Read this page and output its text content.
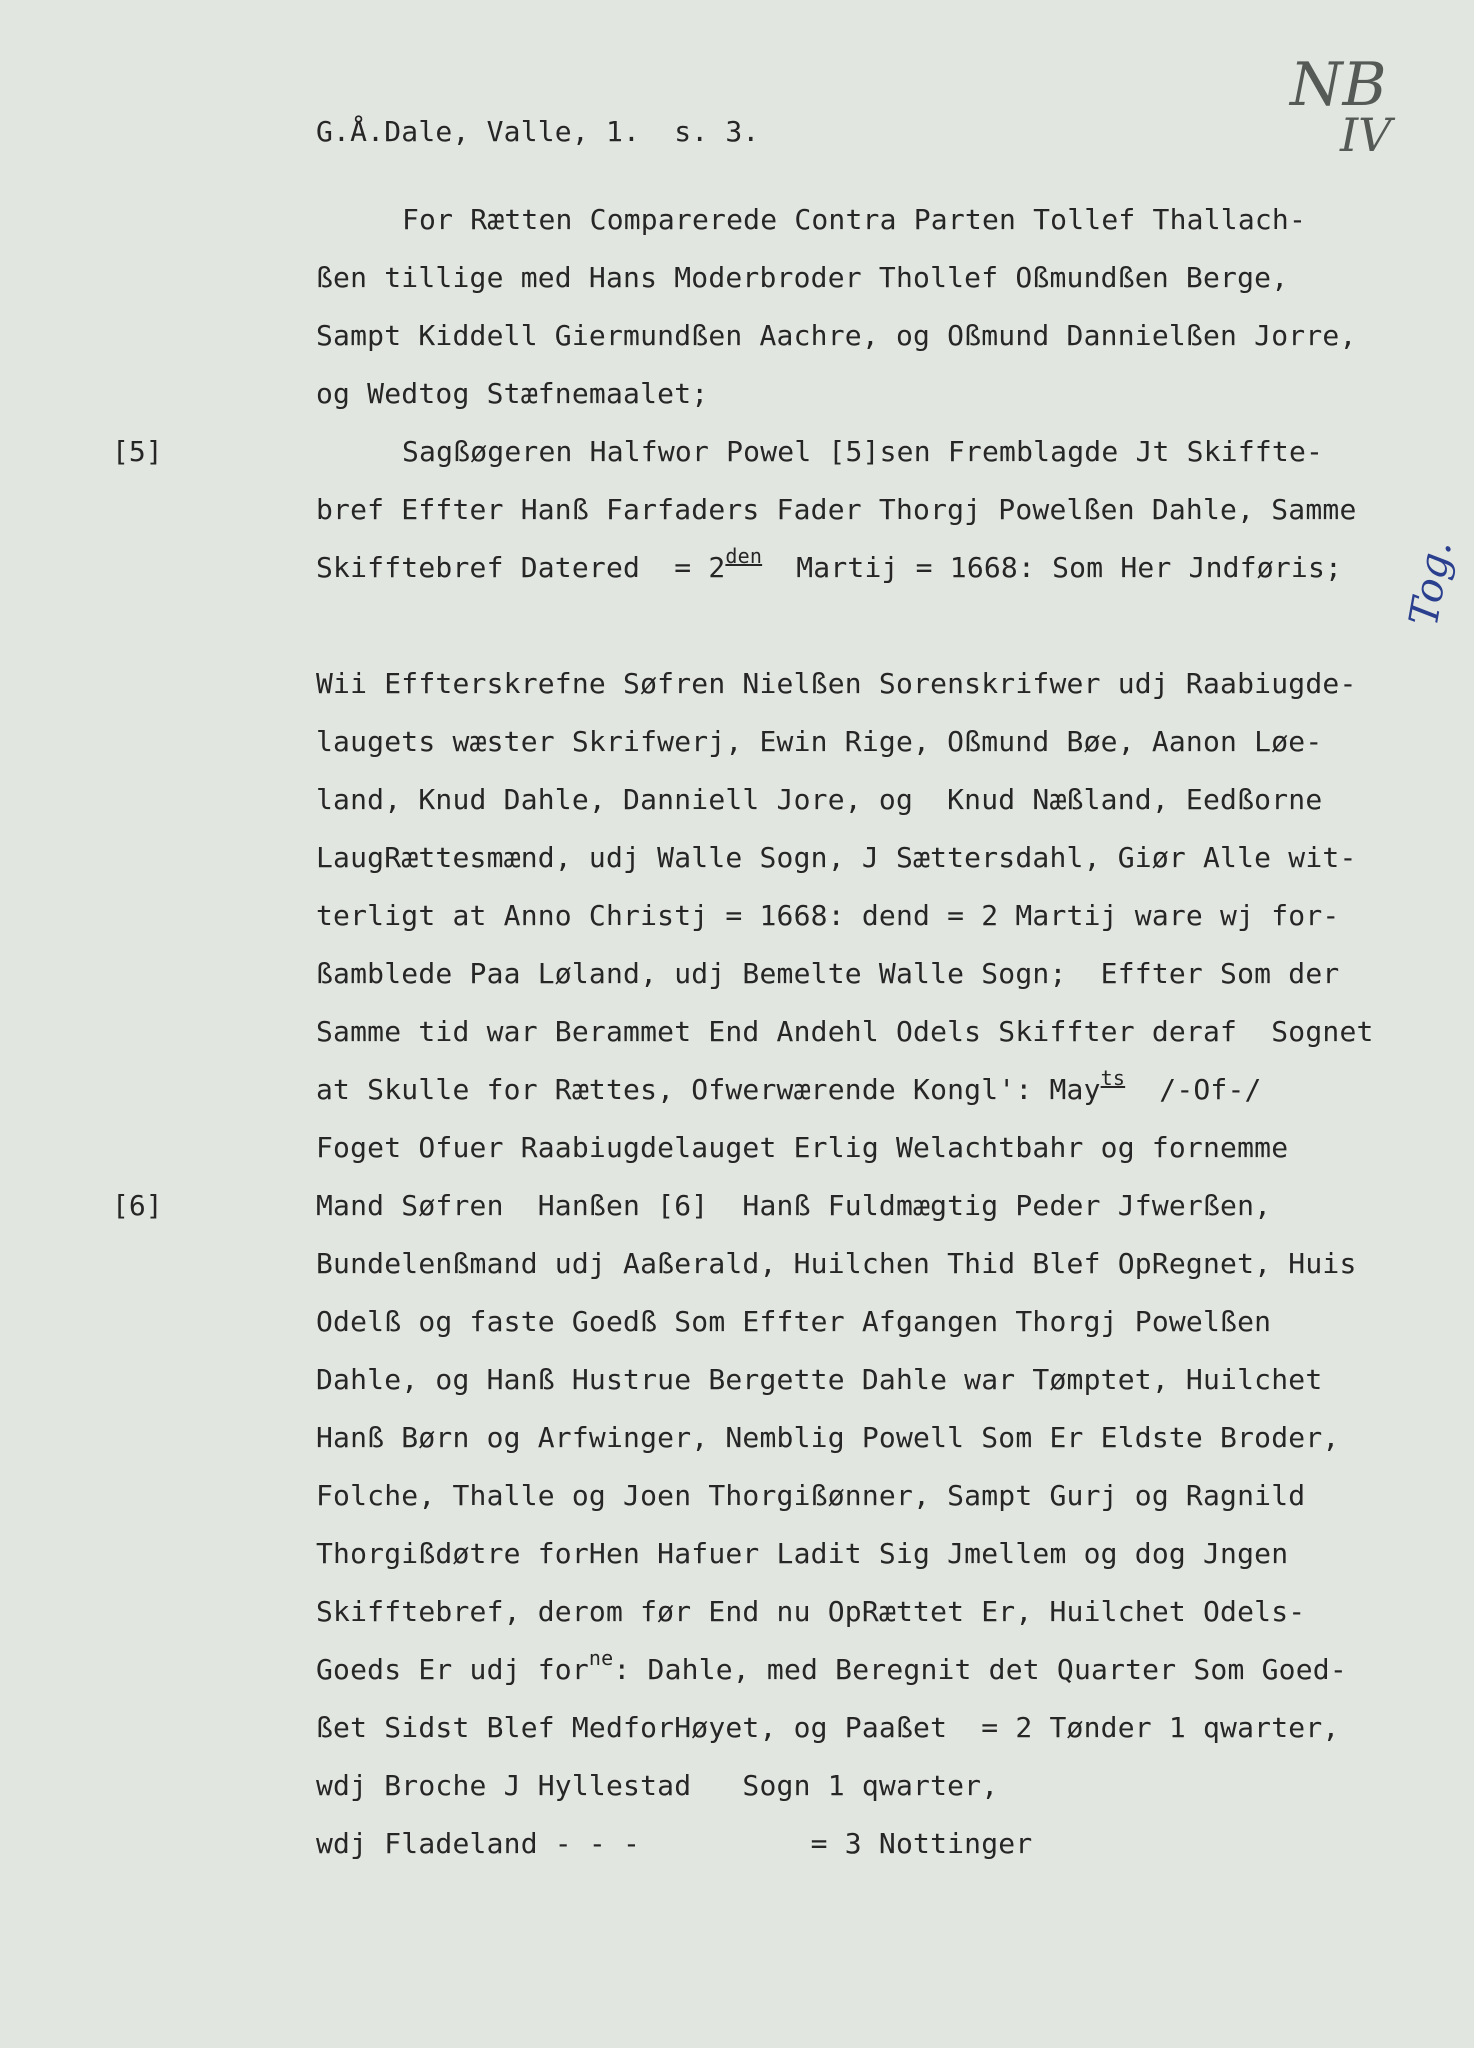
NB
IV
G.Å.Dale, Valle, 1.  s. 3.
For Rætten Comparerede Contra Parten Tollef Thallach-
ßen tillige med Hans Moderbroder Thollef Oßmundßen Berge,
Sampt Kiddell Giermundßen Aachre, og Oßmund Dannielßen Jorre,
og Wedtog Stæfnemaalet;
[5]	Sagßøgeren Halfwor Powel [5]sen Fremblagde Jt Skiffte-
bref Effter Hanß Farfaders Fader Thorgj Powelßen Dahle, Samme
Skifftebref Datered  = $2^{den}$  Martij = 1668: Som Her Jndføris; Tog.
Wii Effterskrefne Søfren Nielßen Sorenskrifwer udj Raabiugde-
laugets wæster Skrifwerj, Ewin Rige, Oßmund Bøe, Aanon Løe-
land, Knud Dahle, Danniell Jore, og  Knud Næßland, Eedßorne
LaugRættesmænd, udj Walle Sogn, J Sættersdahl, Giør Alle wit-
terligt at Anno Christj = 1668: dend = 2 Martij ware wj for-
ßamblede Paa Løland, udj Bemelte Walle Sogn;  Effter Som der
Samme tid war Berammet End Andehl Odels Skiffter deraf  Sognet
at Skulle for Rættes, Ofwerwærende Kongl': May$^{ts}$  /-Of-/
[6]
Foget Ofuer Raabiugdelauget Erlig Welachtbahr og fornemme
Mand Søfren  Hanßen [6]  Hanß Fuldmægtig Peder Jfwerßen,
Bundelenßmand udj Aaßerald, Huilchen Thid Blef OpRegnet, Huis
Odelß og faste Goedß Som Effter Afgangen Thorgj Powelßen
Dahle, og Hanß Hustrue Bergette Dahle war Tømptet, Huilchet
Hanß Børn og Arfwinger, Nemblig Powell Som Er Eldste Broder,
Folche, Thalle og Joen Thorgißønner, Sampt Gurj og Ragnild
Thorgißdøtre forHen Hafuer Ladit Sig Jmellem og dog Jngen
Skifftebref, derom før End nu OpRættet Er, Huilchet Odels-
Goeds Er udj for$^{ne}$: Dahle, med Beregnit det Quarter Som Goed-
ßet Sidst Blef MedforHøyet, og Paaßet  = 2 Tønder 1 qwarter,
wdj Broche J Hyllestad   Sogn 1 qwarter,
wdj Fladeland - - -          = 3 Nottinger
